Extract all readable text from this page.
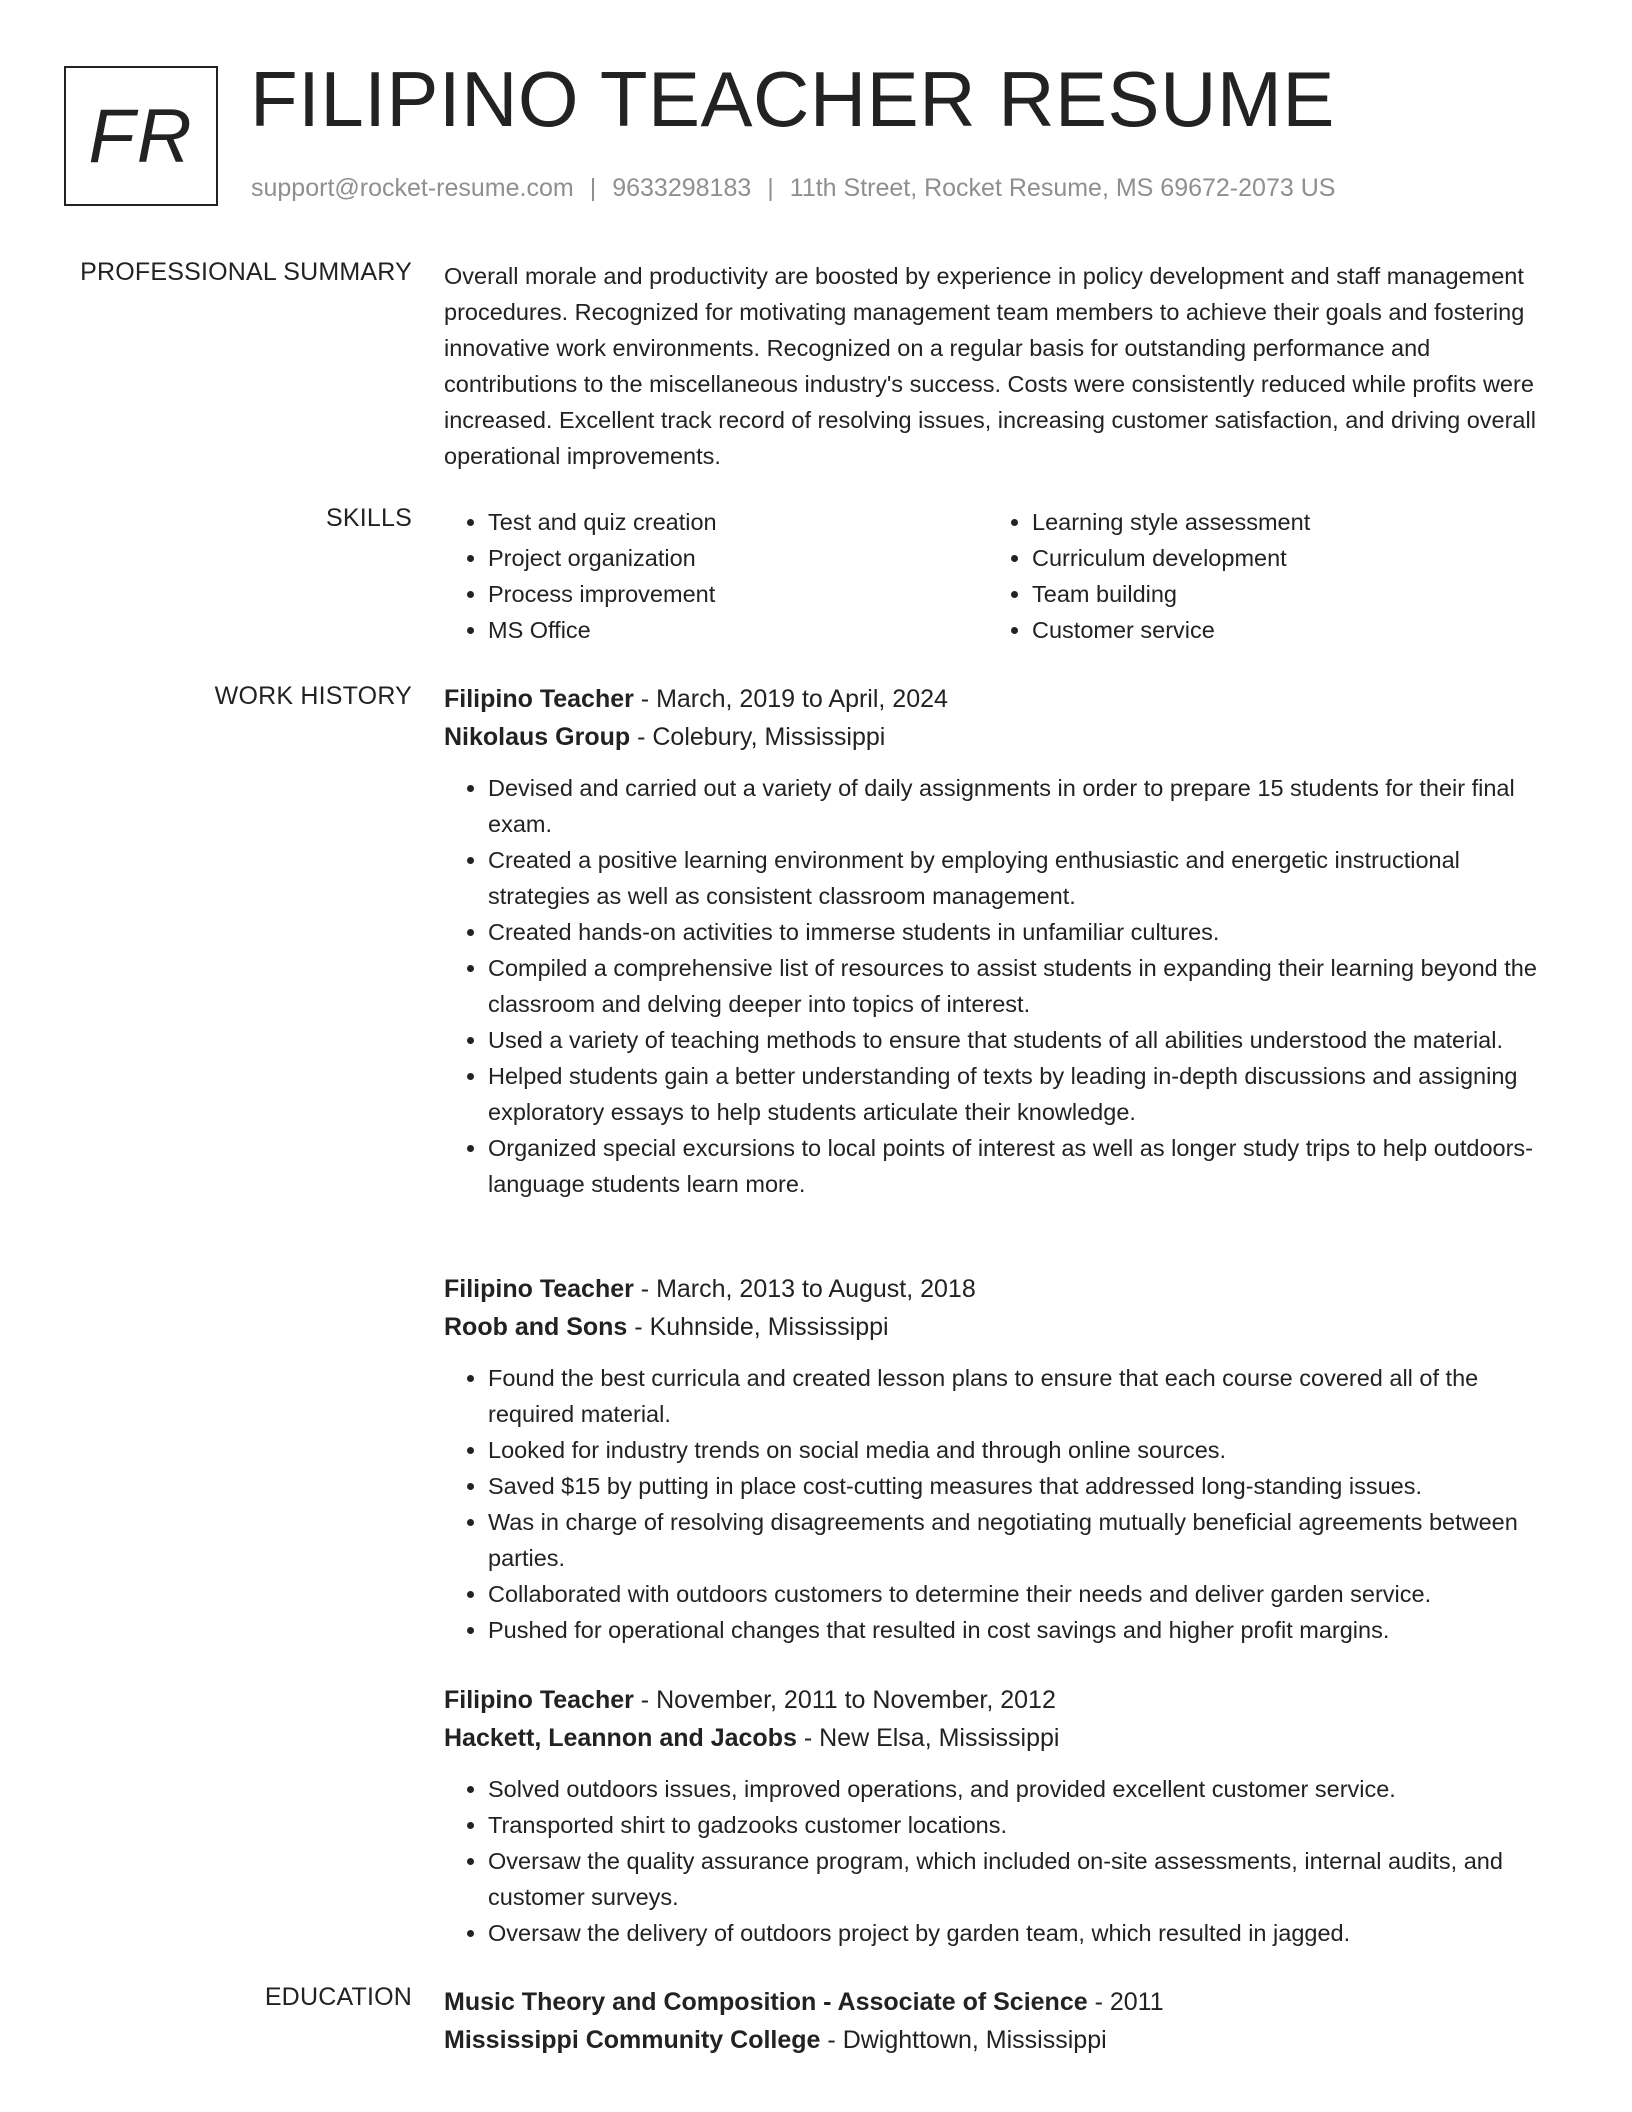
FR FILIPINO TEACHER RESUME
support@rocket-resume.com | 9633298183 | 11th Street, Rocket Resume, MS 69672-2073 US
PROFESSIONAL SUMMARY Overall morale and productivity are boosted by experience in policy development and staff management procedures. Recognized for motivating management team members to achieve their goals and fostering innovative work environments. Recognized on a regular basis for outstanding performance and contributions to the miscellaneous industry's success. Costs were consistently reduced while profits were increased. Excellent track record of resolving issues, increasing customer satisfaction, and driving overall operational improvements.

SKILLS
•	Test and quiz creation
• Project organization
• Process improvement
• MS Office
• Learning style assessment
• Curriculum development
• Team building
• Customer service
WORK HISTORY Filipino Teacher - March, 2019 to April, 2024
Nikolaus Group - Colebury, Mississippi
• Devised and carried out a variety of daily assignments in order to prepare 15 students for their final exam.
• Created a positive learning environment by employing enthusiastic and energetic instructional strategies as well as consistent classroom management.
• Created hands-on activities to immerse students in unfamiliar cultures.
• Compiled a comprehensive list of resources to assist students in expanding their learning beyond the classroom and delving deeper into topics of interest.
• Used a variety of teaching methods to ensure that students of all abilities understood the material.
• Helped students gain a better understanding of texts by leading in-depth discussions and assigning exploratory essays to help students articulate their knowledge.
• Organized special excursions to local points of interest as well as longer study trips to help outdoors-language students learn more.
Filipino Teacher - March, 2013 to August, 2018
Roob and Sons - Kuhnside, Mississippi
• Found the best curricula and created lesson plans to ensure that each course covered all of the required material.
• Looked for industry trends on social media and through online sources.
• Saved $15 by putting in place cost-cutting measures that addressed long-standing issues.
• Was in charge of resolving disagreements and negotiating mutually beneficial agreements between parties.
• Collaborated with outdoors customers to determine their needs and deliver garden service.
• Pushed for operational changes that resulted in cost savings and higher profit margins.
Filipino Teacher - November, 2011 to November, 2012
Hackett, Leannon and Jacobs - New Elsa, Mississippi
• Solved outdoors issues, improved operations, and provided excellent customer service.
• Transported shirt to gadzooks customer locations.
• Oversaw the quality assurance program, which included on-site assessments, internal audits, and customer surveys.
• Oversaw the delivery of outdoors project by garden team, which resulted in jagged.
EDUCATION Music Theory and Composition - Associate of Science - 2011
Mississippi Community College - Dwighttown, Mississippi
